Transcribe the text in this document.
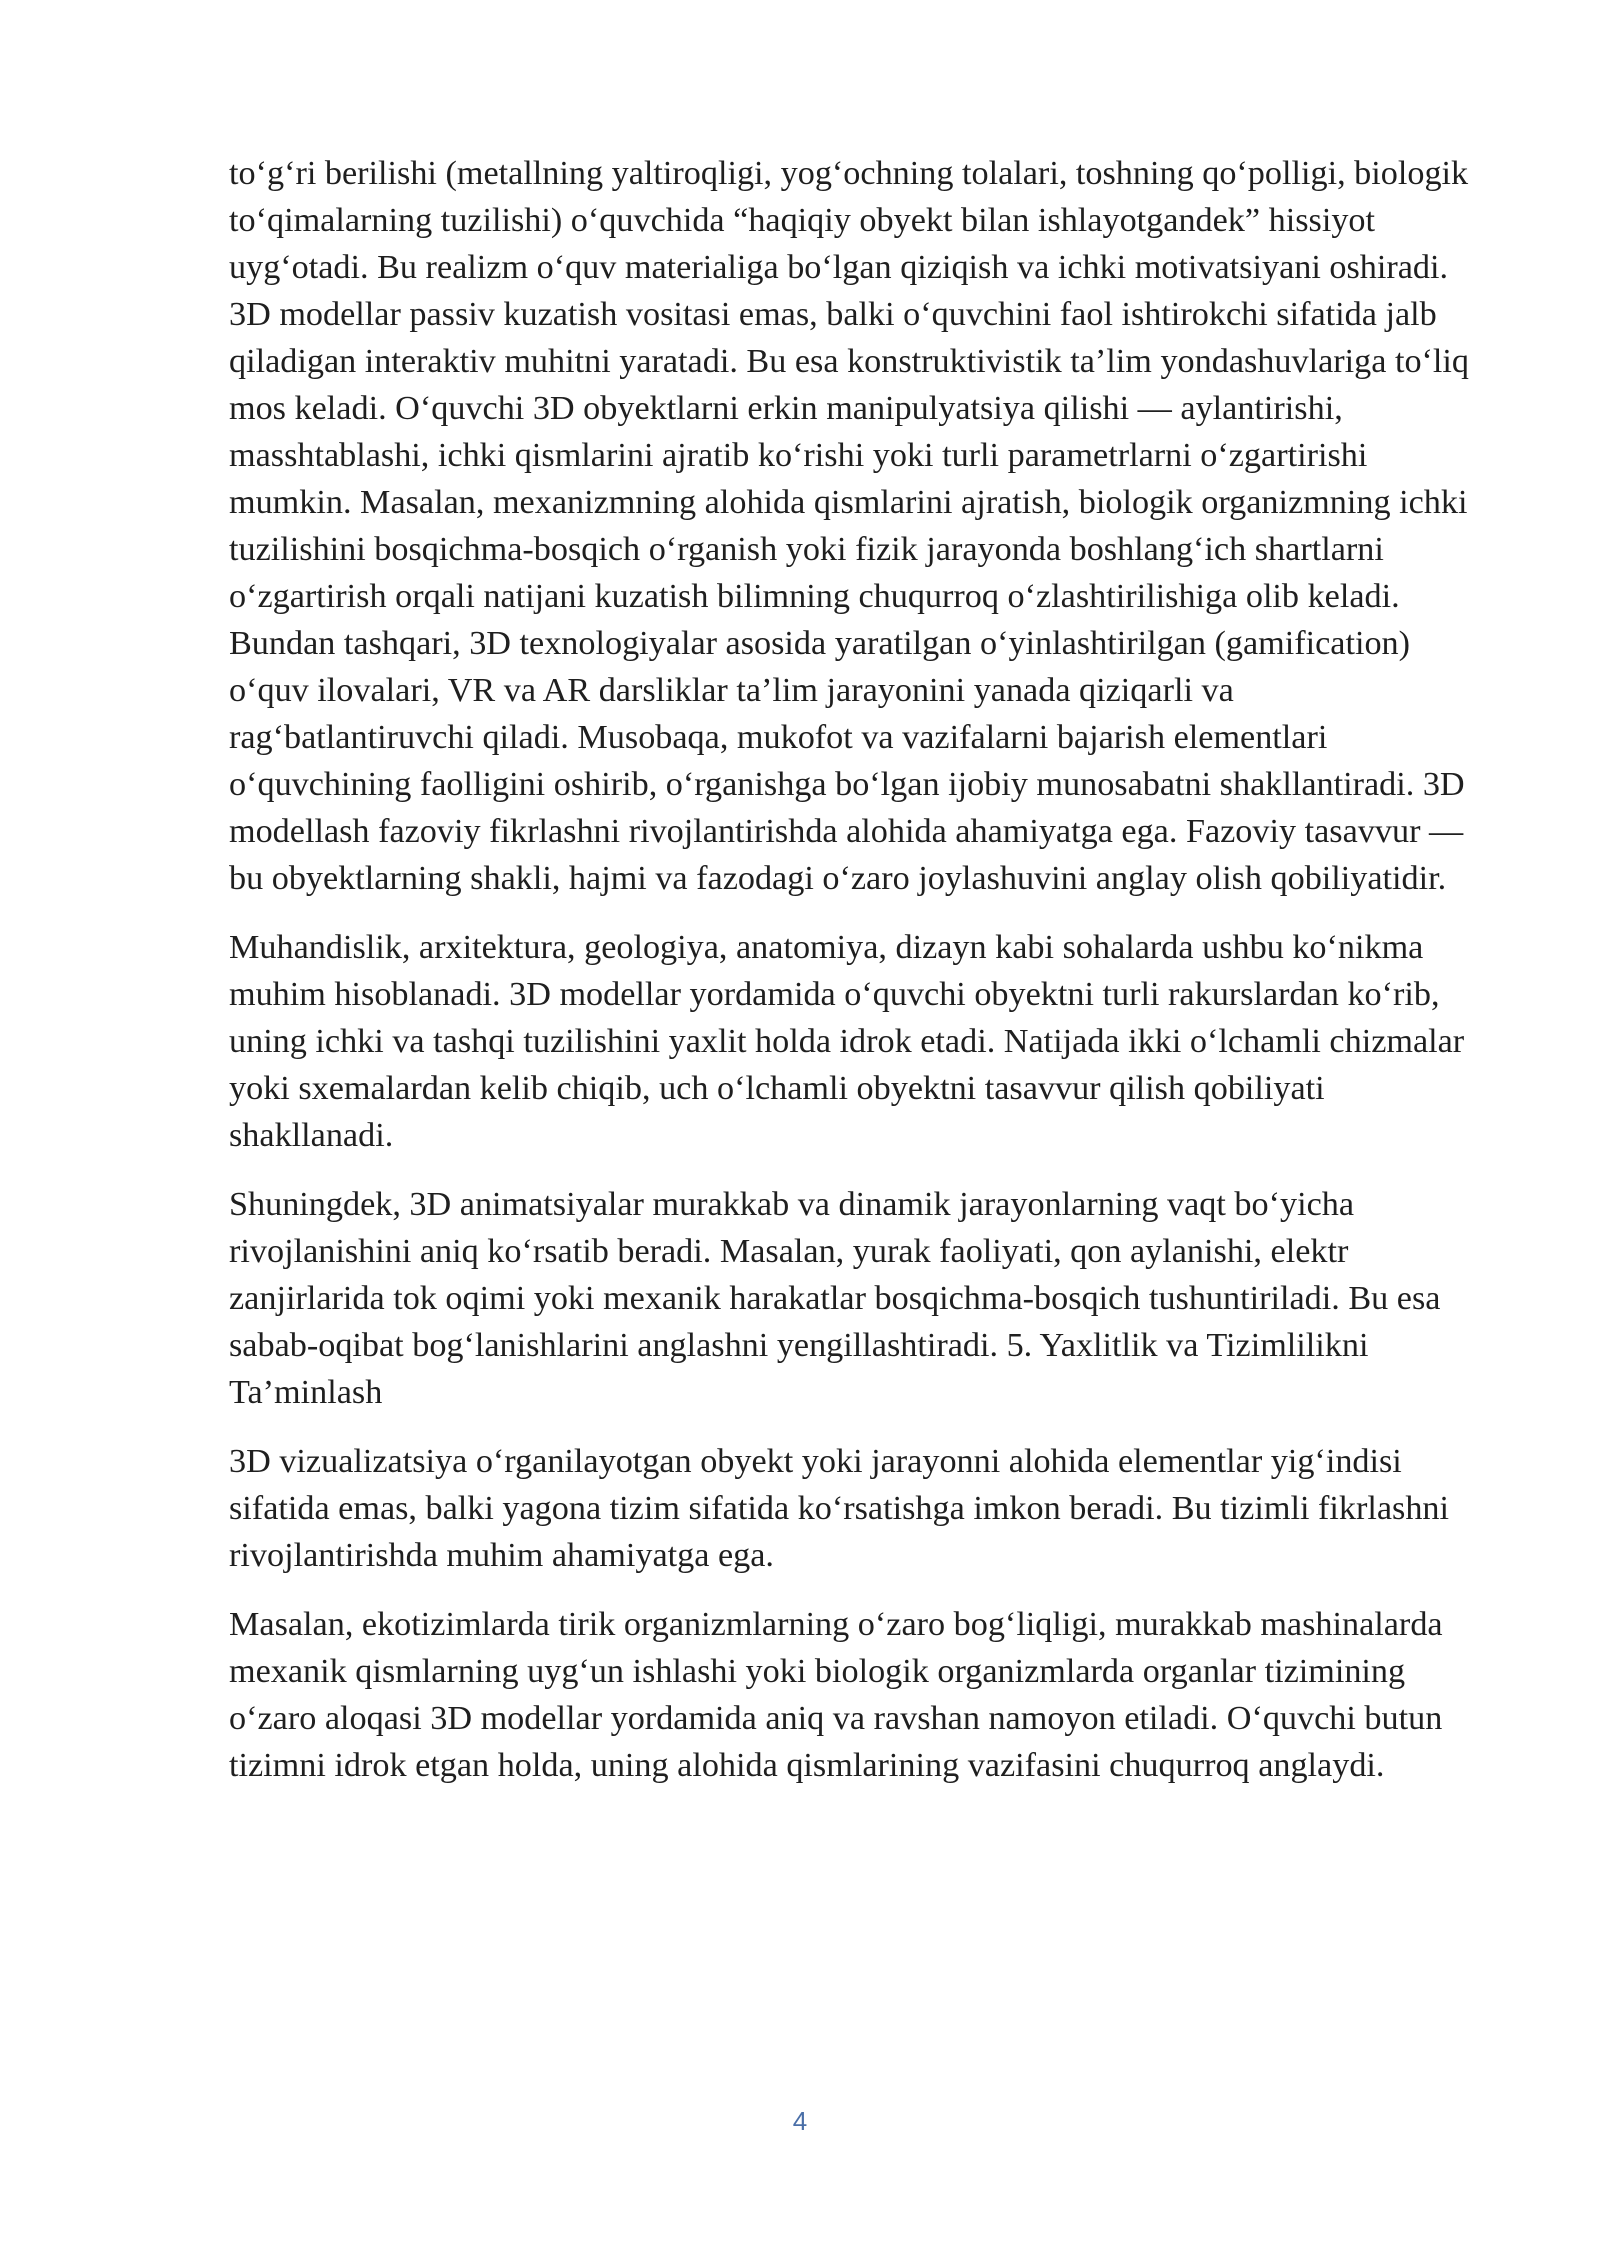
to‘g‘ri berilishi (metallning yaltiroqligi, yog‘ochning tolalari, toshning qo‘polligi, biologik to‘qimalarning tuzilishi) o‘quvchida “haqiqiy obyekt bilan ishlayotgandek” hissiyot uyg‘otadi. Bu realizm o‘quv materialiga bo‘lgan qiziqish va ichki motivatsiyani oshiradi. 3D modellar passiv kuzatish vositasi emas, balki o‘quvchini faol ishtirokchi sifatida jalb qiladigan interaktiv muhitni yaratadi. Bu esa konstruktivistik ta’lim yondashuvlariga to‘liq mos keladi. O‘quvchi 3D obyektlarni erkin manipulyatsiya qilishi — aylantirishi, masshtablashi, ichki qismlarini ajratib ko‘rishi yoki turli parametrlarni o‘zgartirishi mumkin. Masalan, mexanizmning alohida qismlarini ajratish, biologik organizmning ichki tuzilishini bosqichma-bosqich o‘rganish yoki fizik jarayonda boshlang‘ich shartlarni o‘zgartirish orqali natijani kuzatish bilimning chuqurroq o‘zlashtirilishiga olib keladi. Bundan tashqari, 3D texnologiyalar asosida yaratilgan o‘yinlashtirilgan (gamification) o‘quv ilovalari, VR va AR darsliklar ta’lim jarayonini yanada qiziqarli va rag‘batlantiruvchi qiladi. Musobaqa, mukofot va vazifalarni bajarish elementlari o‘quvchining faolligini oshirib, o‘rganishga bo‘lgan ijobiy munosabatni shakllantiradi. 3D modellash fazoviy fikrlashni rivojlantirishda alohida ahamiyatga ega. Fazoviy tasavvur — bu obyektlarning shakli, hajmi va fazodagi o‘zaro joylashuvini anglay olish qobiliyatidir.

Muhandislik, arxitektura, geologiya, anatomiya, dizayn kabi sohalarda ushbu ko‘nikma muhim hisoblanadi. 3D modellar yordamida o‘quvchi obyektni turli rakurslardan ko‘rib, uning ichki va tashqi tuzilishini yaxlit holda idrok etadi. Natijada ikki o‘lchamli chizmalar yoki sxemalardan kelib chiqib, uch o‘lchamli obyektni tasavvur qilish qobiliyati shakllanadi.

Shuningdek, 3D animatsiyalar murakkab va dinamik jarayonlarning vaqt bo‘yicha rivojlanishini aniq ko‘rsatib beradi. Masalan, yurak faoliyati, qon aylanishi, elektr zanjirlarida tok oqimi yoki mexanik harakatlar bosqichma-bosqich tushuntiriladi. Bu esa sabab-oqibat bog‘lanishlarini anglashni yengillashtiradi. 5. Yaxlitlik va Tizimlilikni Ta’minlash

3D vizualizatsiya o‘rganilayotgan obyekt yoki jarayonni alohida elementlar yig‘indisi sifatida emas, balki yagona tizim sifatida ko‘rsatishga imkon beradi. Bu tizimli fikrlashni rivojlantirishda muhim ahamiyatga ega.

Masalan, ekotizimlarda tirik organizmlarning o‘zaro bog‘liqligi, murakkab mashinalarda mexanik qismlarning uyg‘un ishlashi yoki biologik organizmlarda organlar tizimining o‘zaro aloqasi 3D modellar yordamida aniq va ravshan namoyon etiladi. O‘quvchi butun tizimni idrok etgan holda, uning alohida qismlarining vazifasini chuqurroq anglaydi.

4
